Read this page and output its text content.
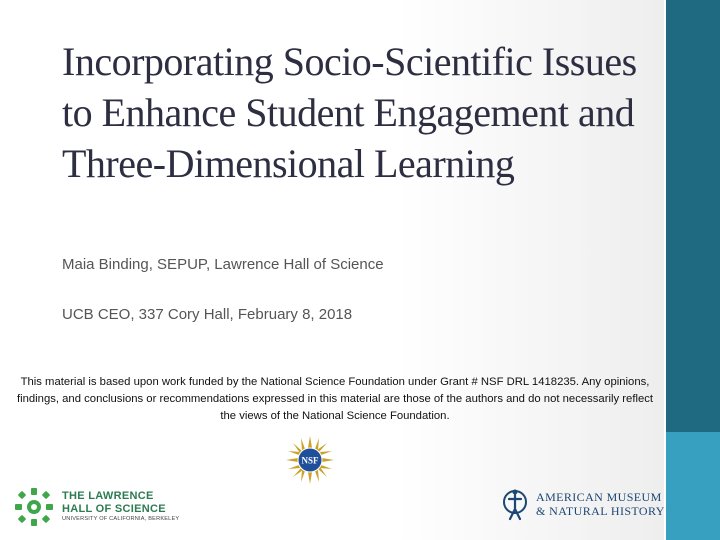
Incorporating Socio-Scientific Issues to Enhance Student Engagement and Three-Dimensional Learning
Maia Binding, SEPUP, Lawrence Hall of Science
UCB CEO, 337 Cory Hall, February 8, 2018
This material is based upon work funded by the National Science Foundation under Grant # NSF DRL 1418235. Any opinions, findings, and conclusions or recommendations expressed in this material are those of the authors and do not necessarily reflect the views of the National Science Foundation.
NSF
THE LAWRENCE
HALL OF SCIENCE
UNIVERSITY OF CALIFORNIA, BERKELEY
AMERICAN MUSEUM
& NATURAL HISTORY
